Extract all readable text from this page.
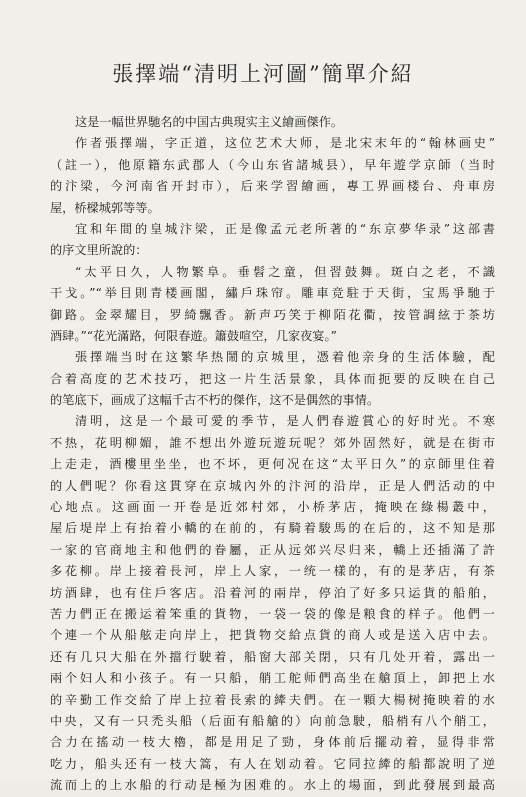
張擇端“清明上河圖”簡單介紹
这是一幅世界馳名的中国古典現实主义繪画傑作。
作者張擇端，字正道，这位艺术大师，是北宋末年的“翰林画史”
（註一），他原籍东武郡人（今山东省諸城县），早年遊学京師（当时
的汴梁，今河南省开封市），后来学習繪画，專工界画楼台、舟車房
屋，桥樑城郭等等。
宜和年間的皇城汴梁，正是像孟元老所著的“东京夢华录”这部書
的序文里所說的：
“太平日久，人物繁阜。垂髫之童，但習鼓舞。斑白之老，不識
干戈。”“举目則青楼画閣，繡戶珠帘。雕車竞駐于天街，宝馬爭馳于
御路。金翠耀目，罗綺飄香。新声巧笑于柳陌花衢，按管調絃于茶坊
酒肆。”“花光滿路，何限春遊。簫鼓喧空，几家夜宴。”
張擇端当时在这繁华热鬧的京城里，憑着他亲身的生活体驗，配
合着高度的艺术技巧，把这一片生活景象，具体而扼要的反映在自己
的笔底下，画成了这幅千古不朽的傑作，这不是偶然的事情。
清明，这是一个最可愛的季节，是人們春遊賞心的好时光。不寒
不热，花明柳媚，誰不想出外遊玩遊玩呢？郊外固然好，就是在街市
上走走，酒樓里坐坐，也不坏，更何况在这“太平日久”的京師里住着
的人們呢？你看这貫穿在京城內外的汴河的沿岸，正是人們活动的中
心地点。这画面一开卷是近郊村郊，小桥茅店，掩映在綠楊叢中，
屋后堤岸上有抬着小轎的在前的，有騎着駿馬的在后的，这不知是那
一家的官商地主和他們的眷屬，正从远郊兴尽归来，轎上还插滿了許
多花柳。岸上接着長河，岸上人家，一统一樣的，有的是茅店，有茶
坊酒肆，也有住戶客店。沿着河的兩岸，停泊了好多只运貨的船舶，
苦力們正在搬运着笨重的貨物，一袋一袋的像是粮食的样子。他們一
个連一个从船舷走向岸上，把貨物交給点貨的商人或是送入店中去。
还有几只大船在外擋行駛着，船窗大部关閉，只有几处开着，露出一
兩个妇人和小孩子。有一只船，艄工舵师們高坐在艙頂上，卸把上水
的辛勤工作交給了岸上拉着長索的縴夫們。在一顆大楊树掩映着的水
中央，又有一只禿头船（后面有船艙的）向前急駛，船梢有八个艄工，
合力在搖动一枝大櫓，都是用足了勁，身体前后擺动着，显得非常
吃力，船头还有一枝大篙，有人在划动着。它同拉縴的船都說明了逆
流而上的上水船的行动是極为困难的。水上的場面，到此發展到最高
